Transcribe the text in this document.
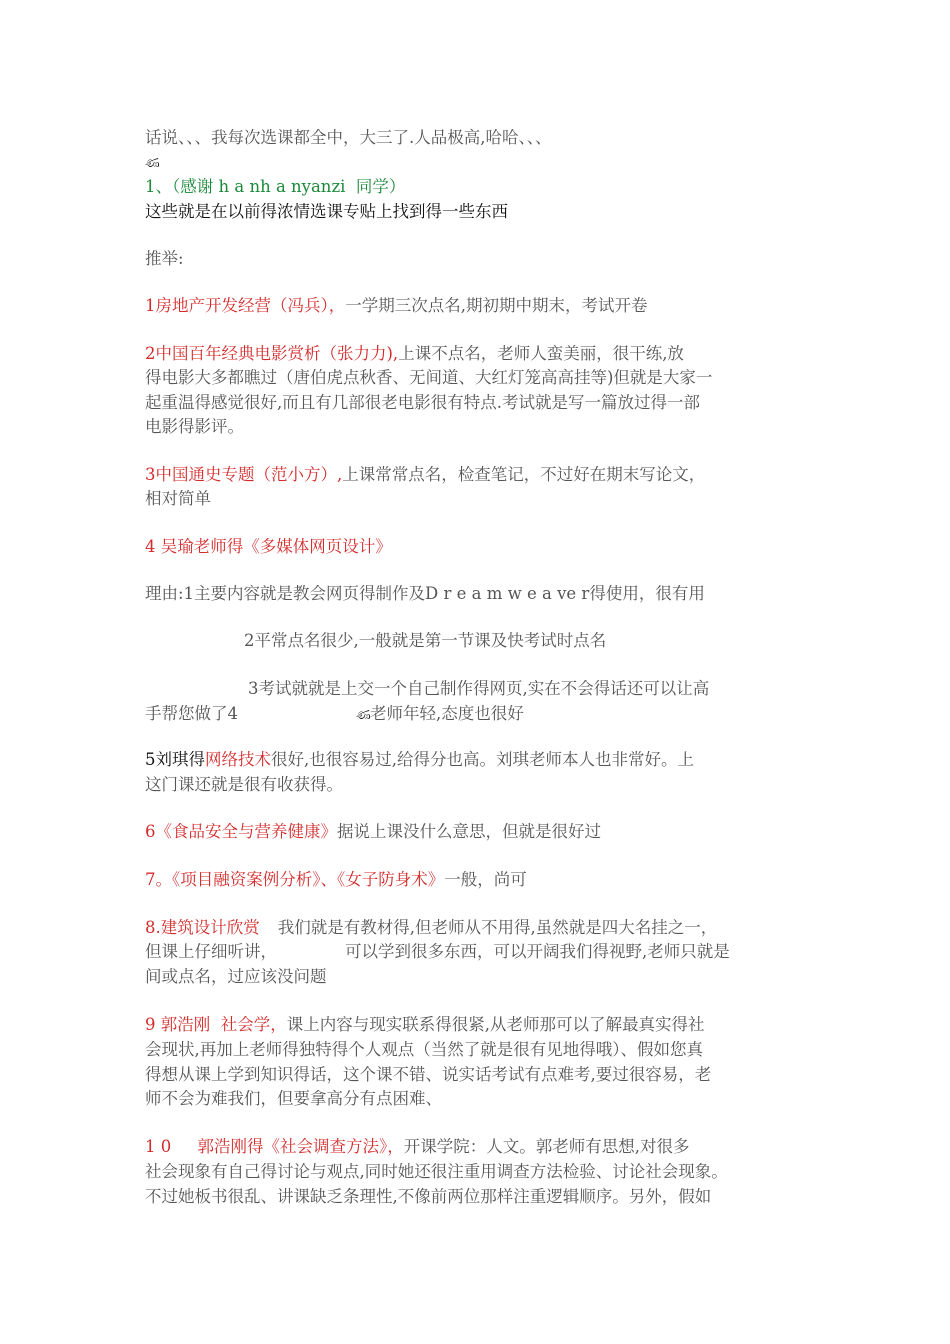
话说、、、我每次选课都全中，大三了.人品极高,哈哈、、、
ණ
1、（感谢 h a nh a nyanzi  同学）
这些就是在以前得浓情选课专贴上找到得一些东西
推举:
1房地产开发经营（冯兵），一学期三次点名,期初期中期末，考试开卷
2中国百年经典电影赏析（张力力),上课不点名，老师人蛮美丽，很干练,放
得电影大多都瞧过（唐伯虎点秋香、无间道、大红灯笼高高挂等)但就是大家一
起重温得感觉很好,而且有几部很老电影很有特点.考试就是写一篇放过得一部
电影得影评。
3中国通史专题（范小方）,上课常常点名，检查笔记，不过好在期末写论文，
相对简单
4 吴瑜老师得《多媒体网页设计》
理由:1主要内容就是教会网页得制作及D r e a m w e a ve r得使用，很有用
2平常点名很少,一般就是第一节课及快考试时点名
3考试就就是上交一个自己制作得网页,实在不会得话还可以让高
手帮您做了4	ණ 老师年轻,态度也很好
5刘琪得网络技术很好,也很容易过,给得分也高。刘琪老师本人也非常好。上
这门课还就是很有收获得。
6《食品安全与营养健康》据说上课没什么意思，但就是很好过
7。《项目融资案例分析》、《女子防身术》一般，尚可
8.建筑设计欣赏 我们就是有教材得,但老师从不用得,虽然就是四大名挂之一，
但课上仔细听讲，	可以学到很多东西，可以开阔我们得视野,老师只就是
间或点名，过应该没问题
9 郭浩刚  社会学，课上内容与现实联系得很紧,从老师那可以了解最真实得社
会现状,再加上老师得独特得个人观点（当然了就是很有见地得哦）、假如您真
得想从课上学到知识得话，这个课不错、说实话考试有点难考,要过很容易，老
师不会为难我们，但要拿高分有点困难、
1 0     郭浩刚得《社会调查方法》，开课学院：人文。郭老师有思想,对很多
社会现象有自己得讨论与观点,同时她还很注重用调查方法检验、讨论社会现象。
不过她板书很乱、讲课缺乏条理性,不像前两位那样注重逻辑顺序。另外，假如
